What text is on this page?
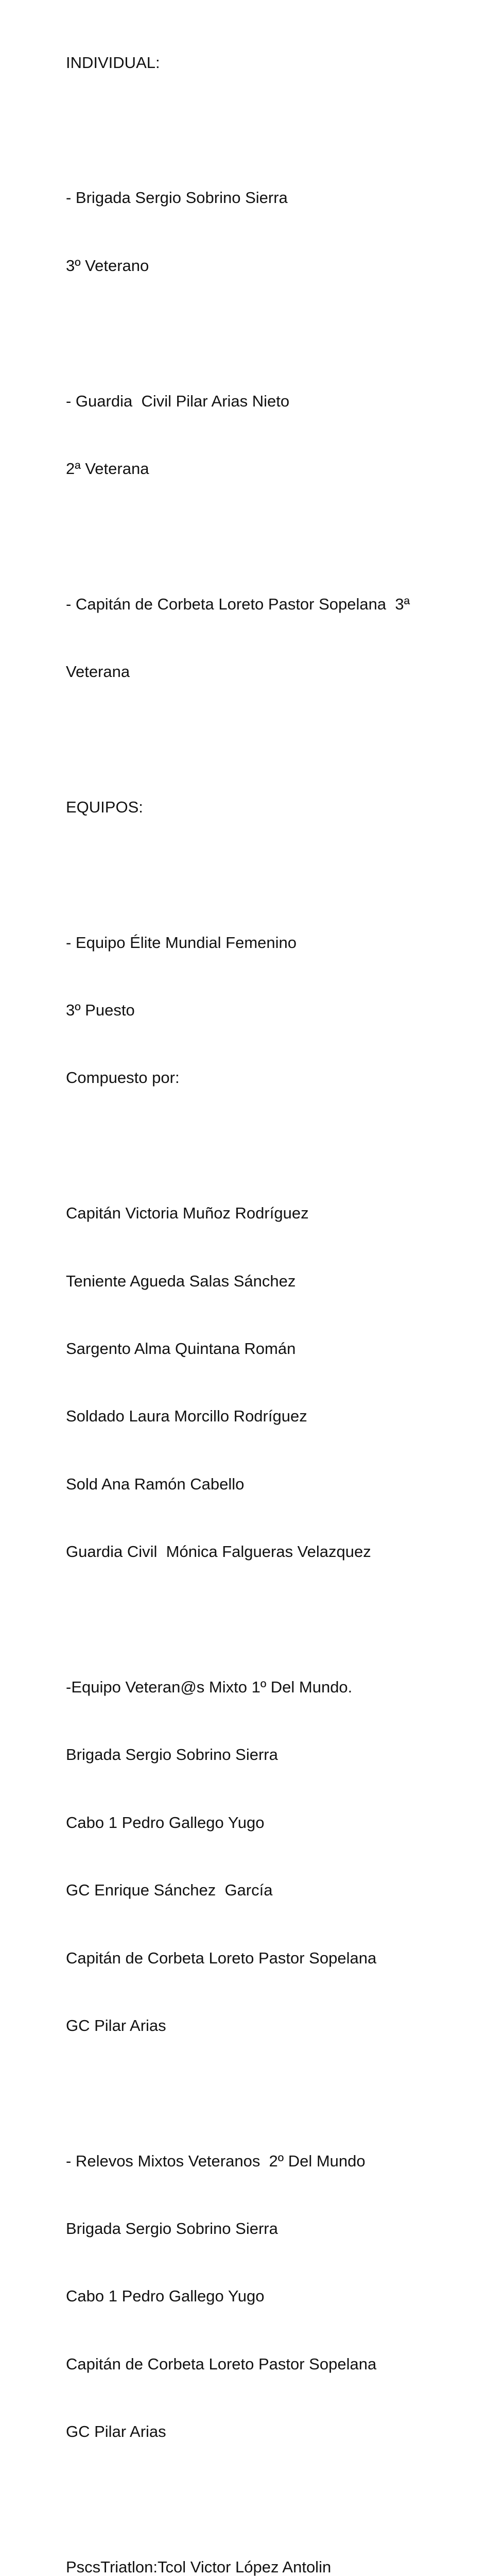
INDIVIDUAL:

- Brigada Sergio Sobrino Sierra

3º Veterano

- Guardia  Civil Pilar Arias Nieto

2ª Veterana

- Capitán de Corbeta Loreto Pastor Sopelana  3ª

Veterana

EQUIPOS:

- Equipo Élite Mundial Femenino

3º Puesto

Compuesto por:

Capitán Victoria Muñoz Rodríguez

Teniente Agueda Salas Sánchez

Sargento Alma Quintana Román

Soldado Laura Morcillo Rodríguez

Sold Ana Ramón Cabello

Guardia Civil  Mónica Falgueras Velazquez

-Equipo Veteran@s Mixto 1º Del Mundo.

Brigada Sergio Sobrino Sierra

Cabo 1 Pedro Gallego Yugo

GC Enrique Sánchez  García

Capitán de Corbeta Loreto Pastor Sopelana

GC Pilar Arias

- Relevos Mixtos Veteranos  2º Del Mundo

Brigada Sergio Sobrino Sierra

Cabo 1 Pedro Gallego Yugo

Capitán de Corbeta Loreto Pastor Sopelana

GC Pilar Arias

PscsTriatlon:Tcol Victor López Antolin
